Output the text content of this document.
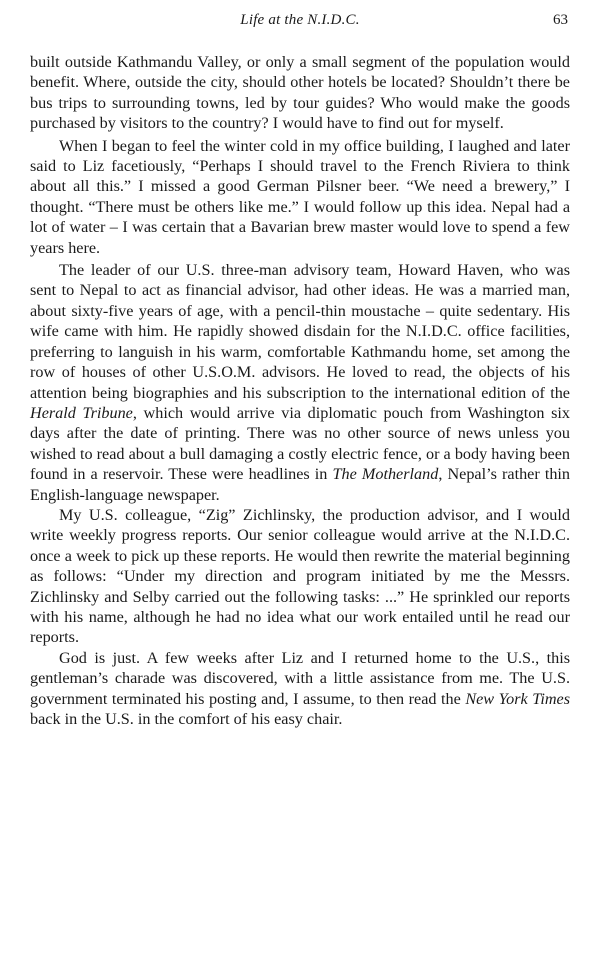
Life at the N.I.D.C.	63

built outside Kathmandu Valley, or only a small segment of the population would benefit. Where, outside the city, should other hotels be located? Shouldn’t there be bus trips to surrounding towns, led by tour guides? Who would make the goods purchased by visitors to the country? I would have to find out for myself.

When I began to feel the winter cold in my office building, I laughed and later said to Liz facetiously, “Perhaps I should travel to the French Riviera to think about all this.” I missed a good German Pilsner beer. “We need a brewery,” I thought. “There must be others like me.” I would follow up this idea. Nepal had a lot of water – I was certain that a Bavarian brew master would love to spend a few years here.

The leader of our U.S. three-man advisory team, Howard Haven, who was sent to Nepal to act as financial advisor, had other ideas. He was a married man, about sixty-five years of age, with a pencil-thin moustache – quite sedentary. His wife came with him. He rapidly showed disdain for the N.I.D.C. office facilities, preferring to languish in his warm, comfortable Kathmandu home, set among the row of houses of other U.S.O.M. advisors. He loved to read, the objects of his attention being biographies and his subscription to the international edition of the Herald Tribune, which would arrive via diplomatic pouch from Washington six days after the date of printing. There was no other source of news unless you wished to read about a bull damaging a costly electric fence, or a body having been found in a reservoir. These were headlines in The Motherland, Nepal’s rather thin English-language newspaper.

My U.S. colleague, “Zig” Zichlinsky, the production advisor, and I would write weekly progress reports. Our senior colleague would arrive at the N.I.D.C. once a week to pick up these reports. He would then rewrite the material beginning as follows: “Under my direction and program initiated by me the Messrs. Zichlinsky and Selby carried out the following tasks: ...” He sprinkled our reports with his name, although he had no idea what our work entailed until he read our reports.

God is just. A few weeks after Liz and I returned home to the U.S., this gentleman’s charade was discovered, with a little assistance from me. The U.S. government terminated his posting and, I assume, to then read the New York Times back in the U.S. in the comfort of his easy chair.
